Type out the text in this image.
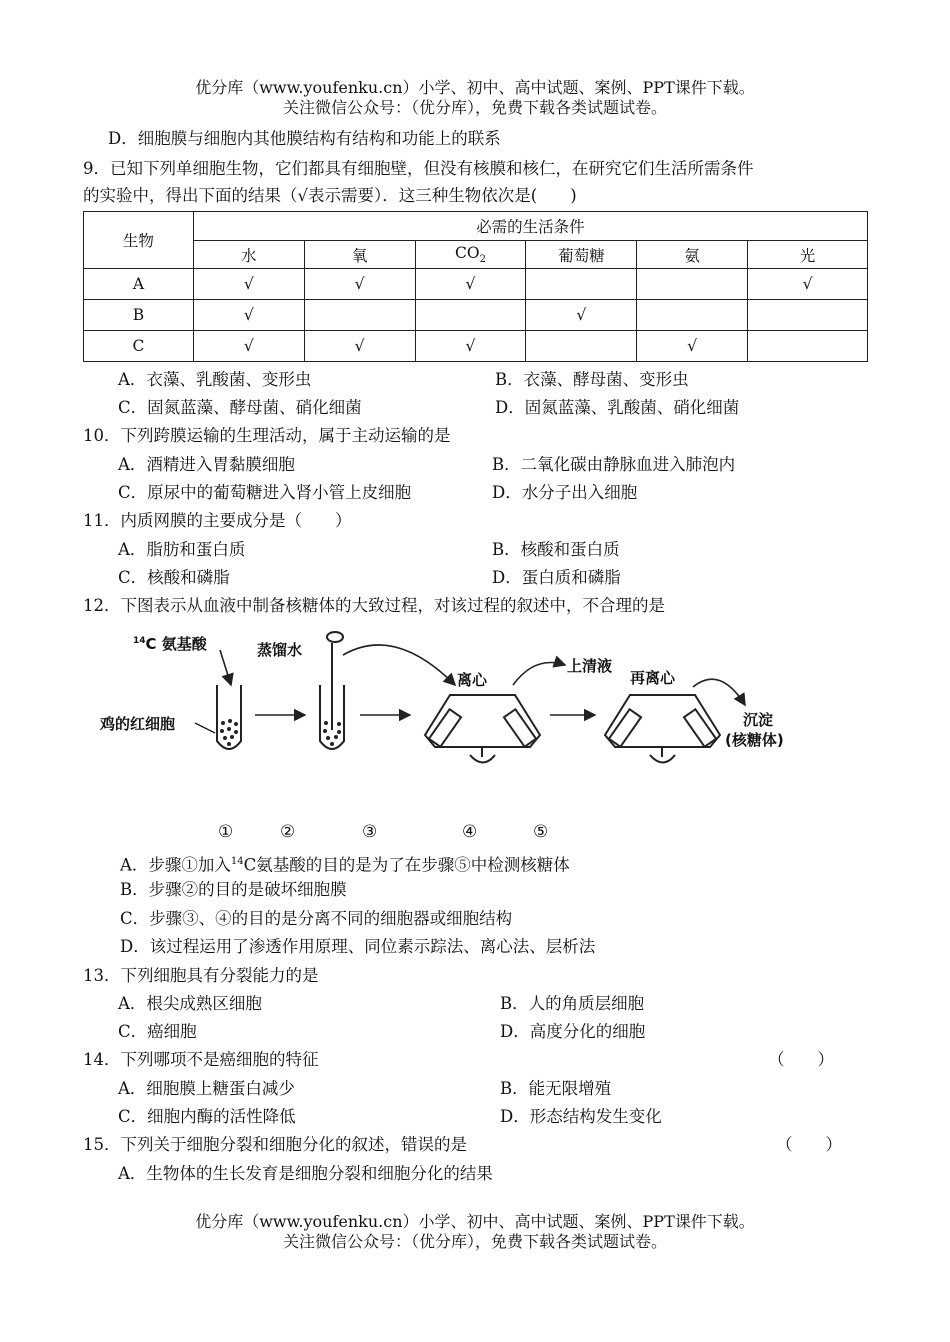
优分库（www.youfenku.cn）小学、初中、高中试题、案例、PPT课件下载。
关注微信公众号：（优分库），免费下载各类试题试卷。
D．细胞膜与细胞内其他膜结构有结构和功能上的联系
9．已知下列单细胞生物，它们都具有细胞壁，但没有核膜和核仁，在研究它们生活所需条件
的实验中，得出下面的结果（√表示需要）．这三种生物依次是(　　)
生物	必需的生活条件					
	水	氧	$CO_2$	葡萄糖	氨	光
A	√	√	√			√
B	√			√		
C	√	√	√		√	
A．衣藻、乳酸菌、变形虫	B．衣藻、酵母菌、变形虫
C．固氮蓝藻、酵母菌、硝化细菌	D．固氮蓝藻、乳酸菌、硝化细菌
10．下列跨膜运输的生理活动，属于主动运输的是
A．酒精进入胃黏膜细胞	B．二氧化碳由静脉血进入肺泡内
C．原尿中的葡萄糖进入肾小管上皮细胞	D．水分子出入细胞
11．内质网膜的主要成分是（　　）
A．脂肪和蛋白质	B．核酸和蛋白质
C．核酸和磷脂	D．蛋白质和磷脂
12．下图表示从血液中制备核糖体的大致过程，对该过程的叙述中，不合理的是
$^{14}$C 氨基酸
鸡的红细胞
蒸馏水
离心
上清液
再离心
沉淀
(核糖体)
①	②	③	④	⑤
A．步骤①加入$^{14}$C氨基酸的目的是为了在步骤⑤中检测核糖体
B．步骤②的目的是破坏细胞膜
C．步骤③、④的目的是分离不同的细胞器或细胞结构
D．该过程运用了渗透作用原理、同位素示踪法、离心法、层析法
13．下列细胞具有分裂能力的是
A．根尖成熟区细胞	B．人的角质层细胞
C．癌细胞	D．高度分化的细胞
14．下列哪项不是癌细胞的特征	（　　）
A．细胞膜上糖蛋白减少	B．能无限增殖
C．细胞内酶的活性降低	D．形态结构发生变化
15．下列关于细胞分裂和细胞分化的叙述，错误的是	（　　）
A．生物体的生长发育是细胞分裂和细胞分化的结果
优分库（www.youfenku.cn）小学、初中、高中试题、案例、PPT课件下载。
关注微信公众号：（优分库），免费下载各类试题试卷。
